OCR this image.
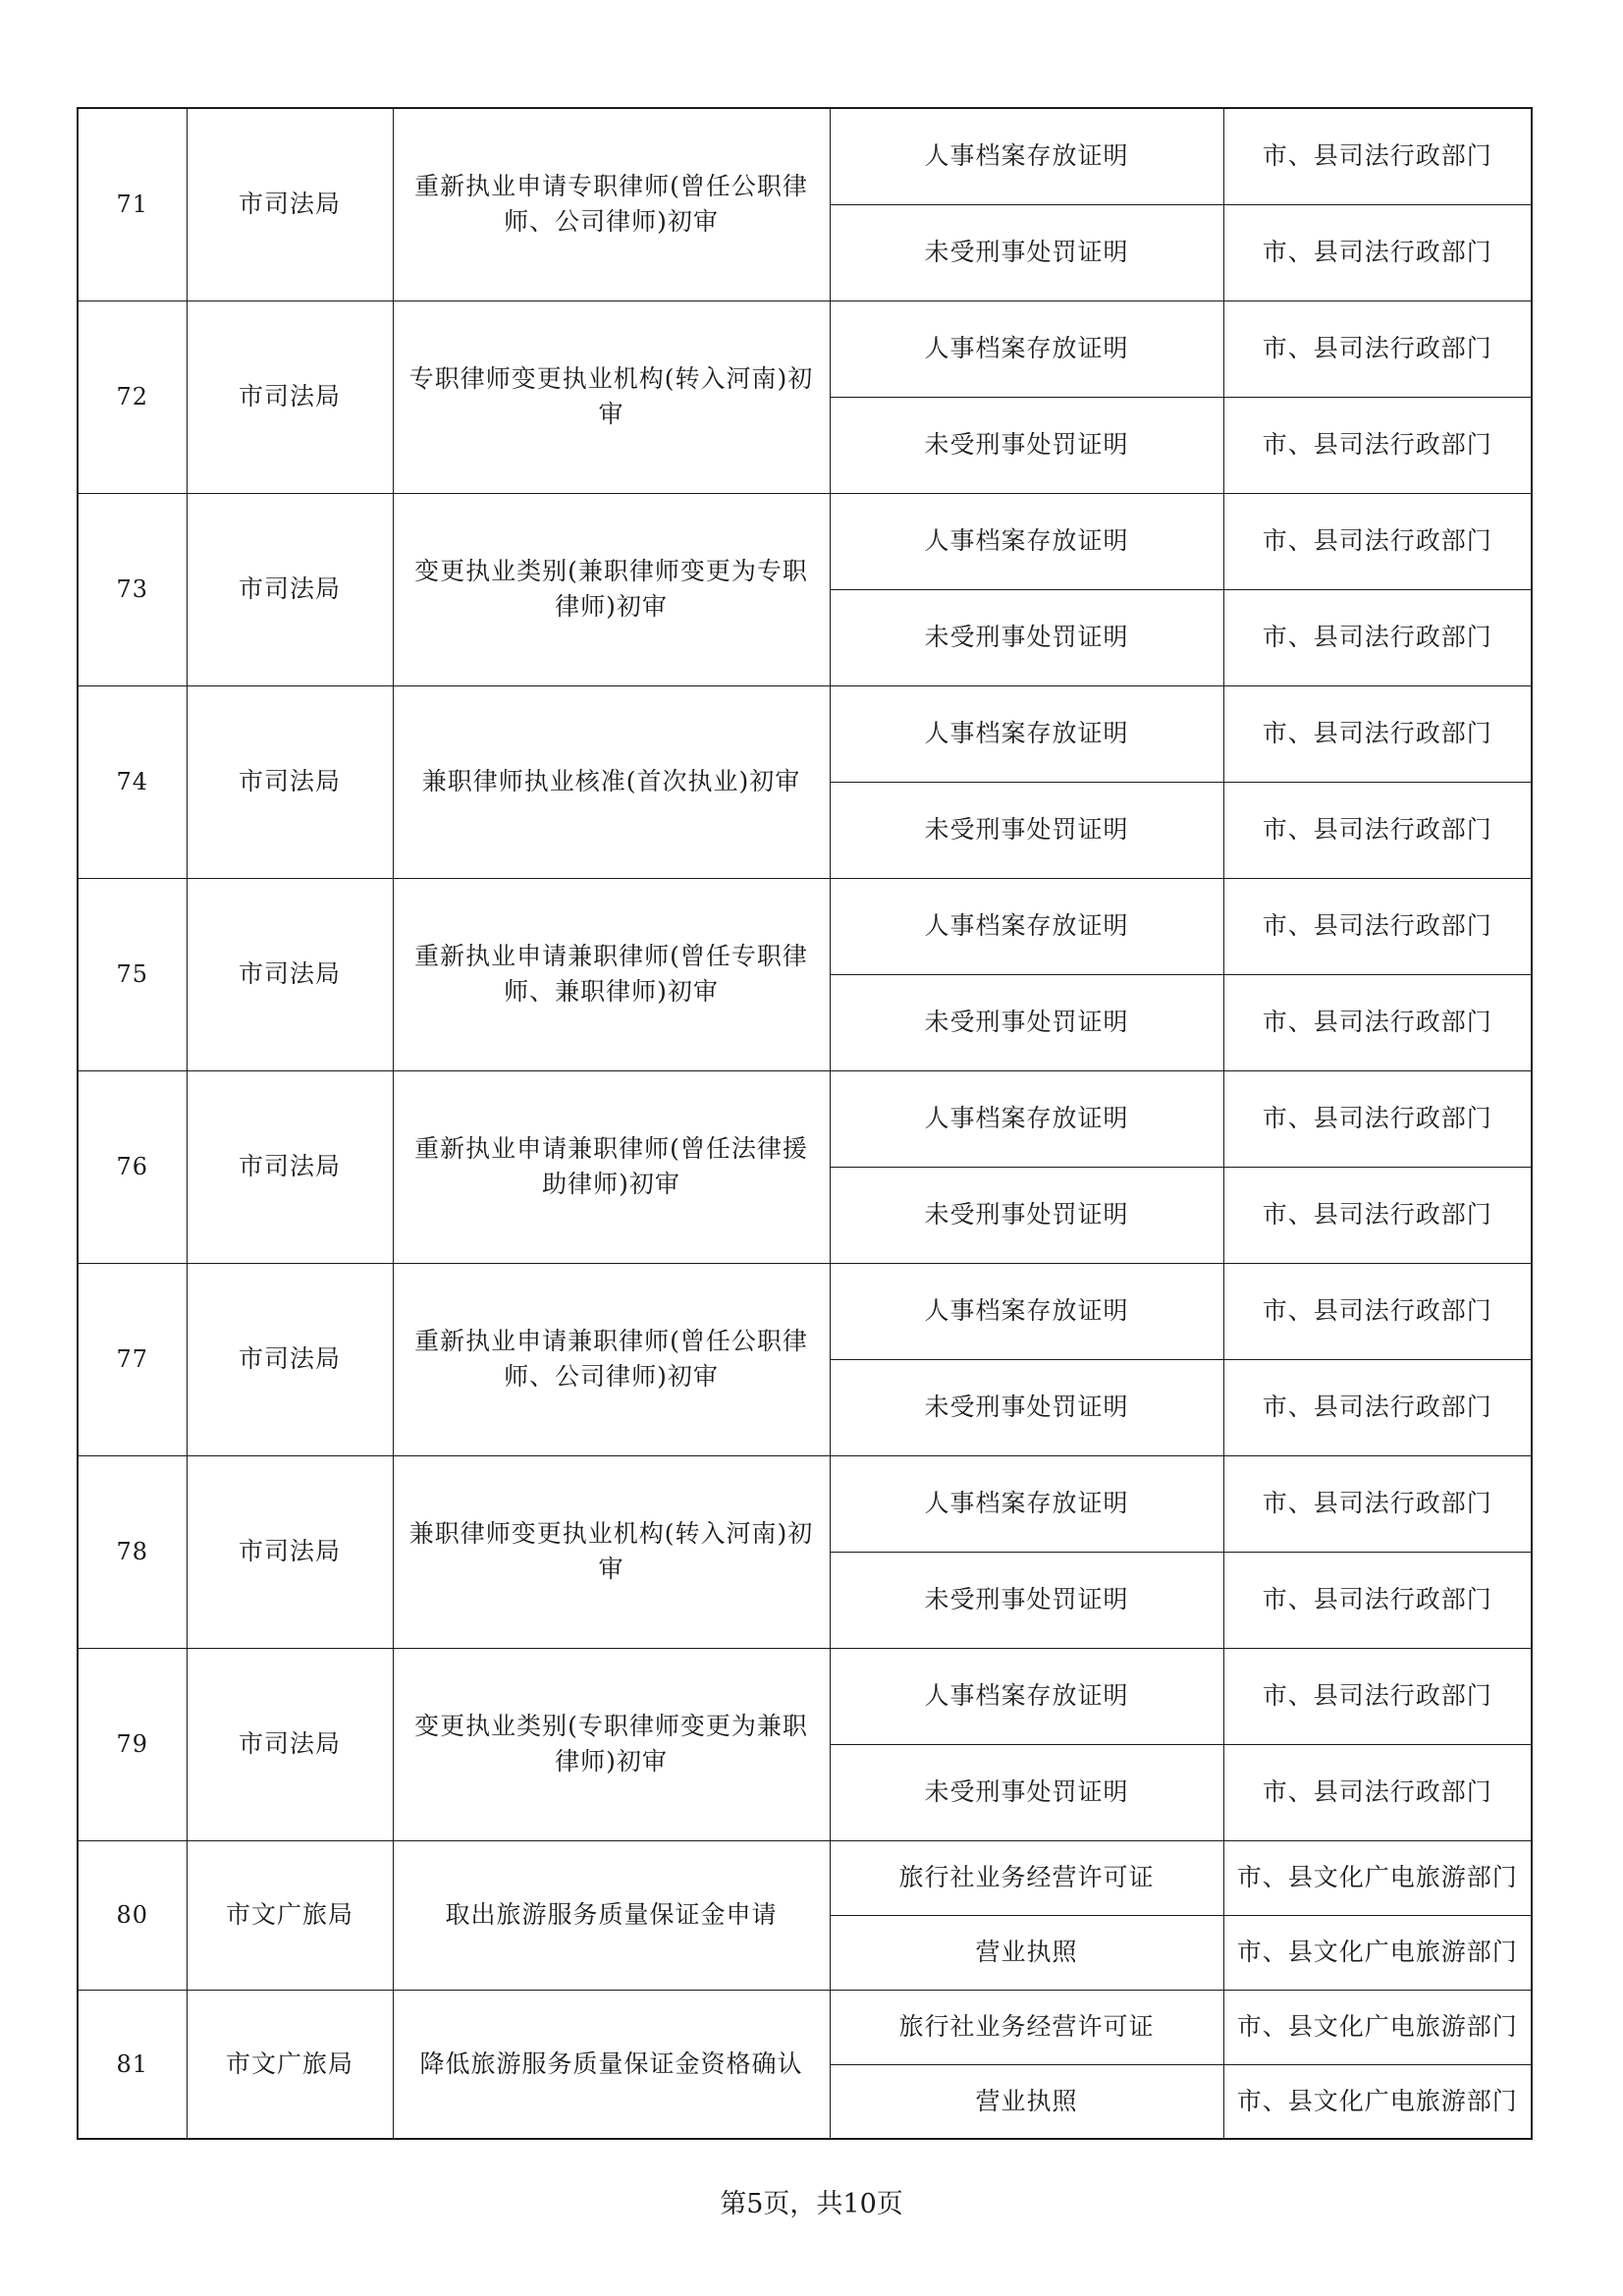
71	市司法局	重新执业申请专职律师(曾任公职律师、公司律师)初审	人事档案存放证明	市、县司法行政部门
			未受刑事处罚证明	市、县司法行政部门
72	市司法局	专职律师变更执业机构(转入河南)初审	人事档案存放证明	市、县司法行政部门
			未受刑事处罚证明	市、县司法行政部门
73	市司法局	变更执业类别(兼职律师变更为专职律师)初审	人事档案存放证明	市、县司法行政部门
			未受刑事处罚证明	市、县司法行政部门
74	市司法局	兼职律师执业核准(首次执业)初审	人事档案存放证明	市、县司法行政部门
			未受刑事处罚证明	市、县司法行政部门
75	市司法局	重新执业申请兼职律师(曾任专职律师、兼职律师)初审	人事档案存放证明	市、县司法行政部门
			未受刑事处罚证明	市、县司法行政部门
76	市司法局	重新执业申请兼职律师(曾任法律援助律师)初审	人事档案存放证明	市、县司法行政部门
			未受刑事处罚证明	市、县司法行政部门
77	市司法局	重新执业申请兼职律师(曾任公职律师、公司律师)初审	人事档案存放证明	市、县司法行政部门
			未受刑事处罚证明	市、县司法行政部门
78	市司法局	兼职律师变更执业机构(转入河南)初审	人事档案存放证明	市、县司法行政部门
			未受刑事处罚证明	市、县司法行政部门
79	市司法局	变更执业类别(专职律师变更为兼职律师)初审	人事档案存放证明	市、县司法行政部门
			未受刑事处罚证明	市、县司法行政部门
80	市文广旅局	取出旅游服务质量保证金申请	旅行社业务经营许可证	市、县文化广电旅游部门
			营业执照	市、县文化广电旅游部门
81	市文广旅局	降低旅游服务质量保证金资格确认	旅行社业务经营许可证	市、县文化广电旅游部门
			营业执照	市、县文化广电旅游部门
第5页，共10页
